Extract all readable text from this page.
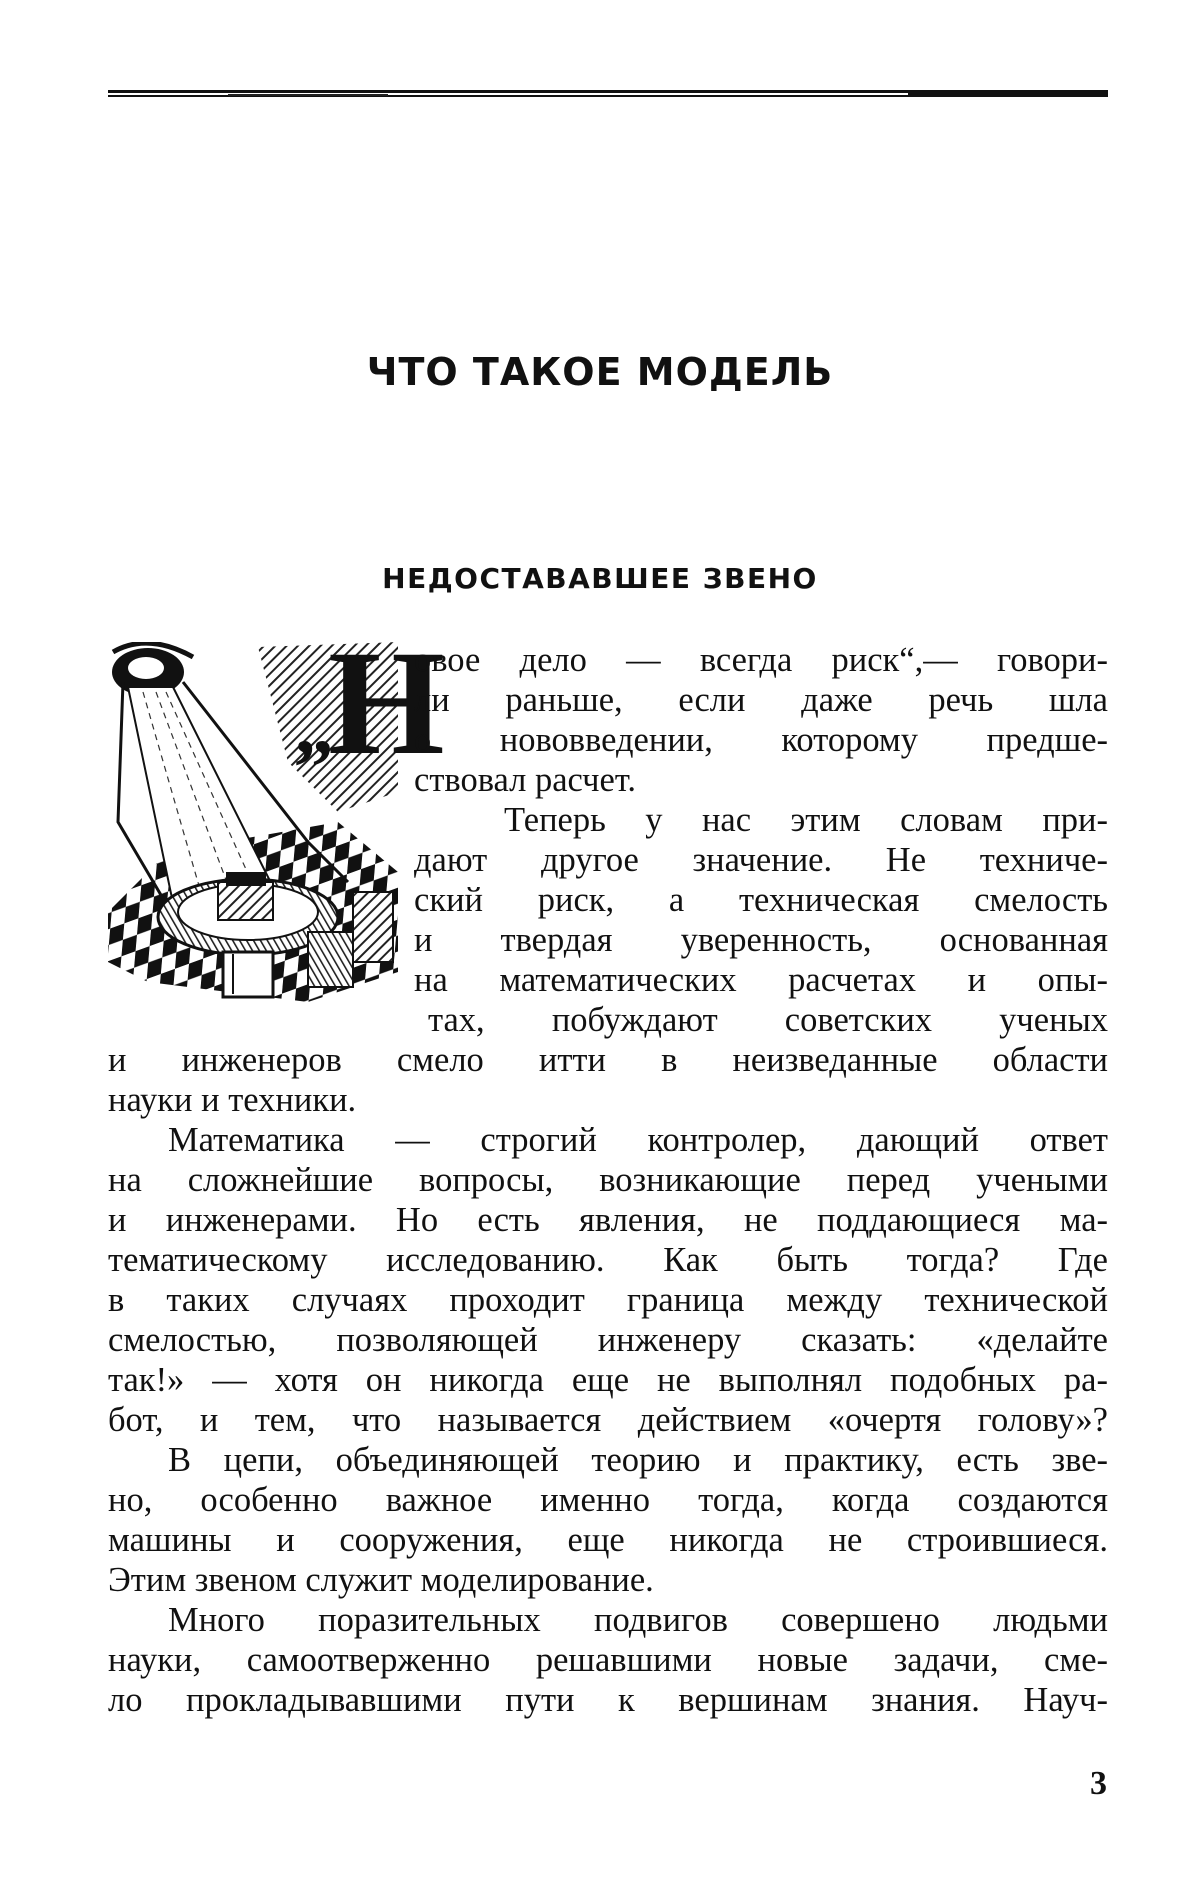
ЧТО ТАКОЕ МОДЕЛЬ
НЕДОСТАВАВШЕЕ ЗВЕНО
„Н
овое дело — всегда риск“,— говори-
ли раньше, если даже речь шла
о нововведении, которому предше-
ствовал расчет.
Теперь у нас этим словам при-
дают другое значение. Не техниче-
ский риск, а техническая смелость
и твердая уверенность, основанная
на математических расчетах и опы-
тах, побуждают советских ученых
и инженеров смело итти в неизведанные области
науки и техники.
Математика — строгий контролер, дающий ответ
на сложнейшие вопросы, возникающие перед учеными
и инженерами. Но есть явления, не поддающиеся ма-
тематическому исследованию. Как быть тогда? Где
в таких случаях проходит граница между технической
смелостью, позволяющей инженеру сказать: «делайте
так!» — хотя он никогда еще не выполнял подобных ра-
бот, и тем, что называется действием «очертя голову»?
В цепи, объединяющей теорию и практику, есть зве-
но, особенно важное именно тогда, когда создаются
машины и сооружения, еще никогда не строившиеся.
Этим звеном служит моделирование.
Много поразительных подвигов совершено людьми
науки, самоотверженно решавшими новые задачи, сме-
ло прокладывавшими пути к вершинам знания. Науч-
3
